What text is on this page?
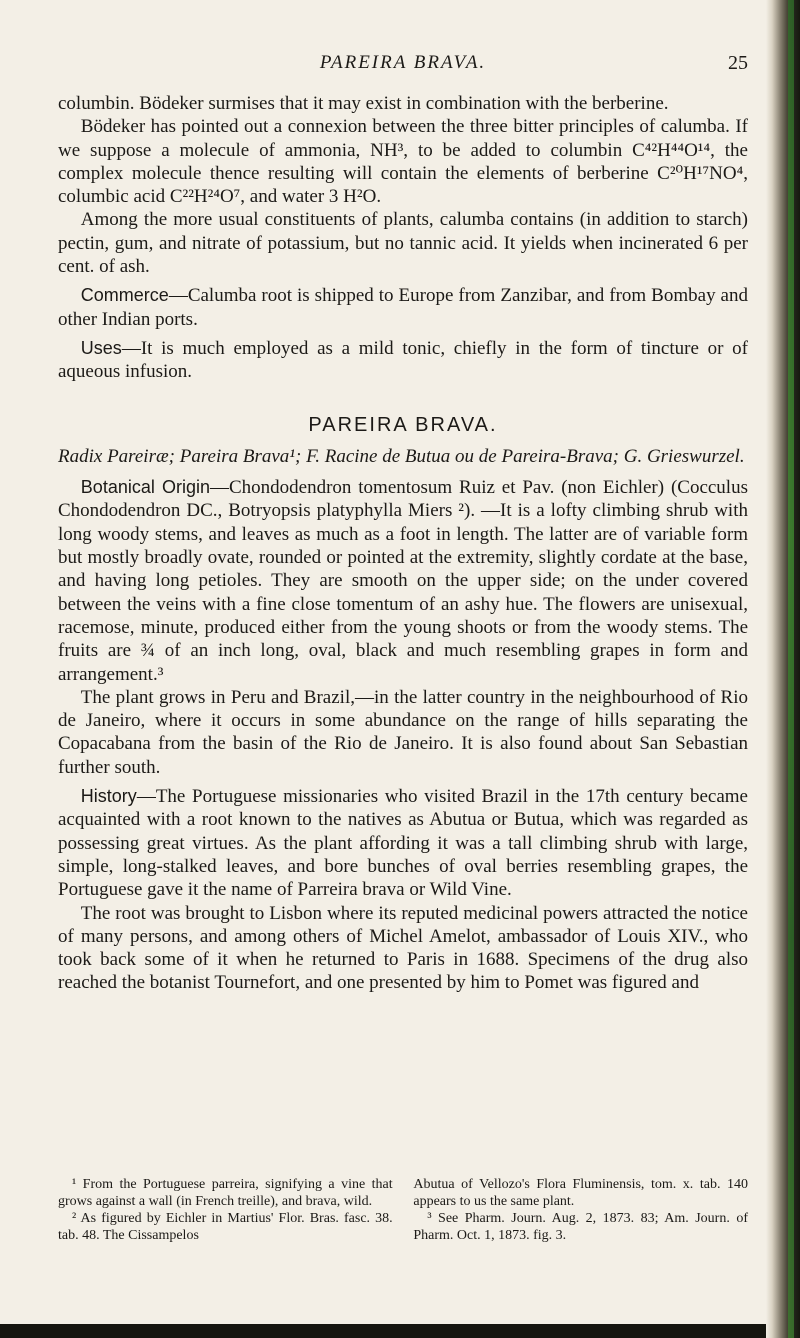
PAREIRA BRAVA.	25

columbin. Bödeker surmises that it may exist in combination with the berberine.

Bödeker has pointed out a connexion between the three bitter principles of calumba. If we suppose a molecule of ammonia, NH³, to be added to columbin C⁴²H⁴⁴O¹⁴, the complex molecule thence resulting will contain the elements of berberine C²⁰H¹⁷NO⁴, columbic acid C²²H²⁴O⁷, and water 3 H²O.

Among the more usual constituents of plants, calumba contains (in addition to starch) pectin, gum, and nitrate of potassium, but no tannic acid. It yields when incinerated 6 per cent. of ash.

Commerce—Calumba root is shipped to Europe from Zanzibar, and from Bombay and other Indian ports.

Uses—It is much employed as a mild tonic, chiefly in the form of tincture or of aqueous infusion.

PAREIRA BRAVA.

Radix Pareiræ; Pareira Brava¹; F. Racine de Butua ou de Pareira-Brava; G. Grieswurzel.

Botanical Origin—Chondodendron tomentosum Ruiz et Pav. (non Eichler) (Cocculus Chondodendron DC., Botryopsis platyphylla Miers ²). —It is a lofty climbing shrub with long woody stems, and leaves as much as a foot in length. The latter are of variable form but mostly broadly ovate, rounded or pointed at the extremity, slightly cordate at the base, and having long petioles. They are smooth on the upper side; on the under covered between the veins with a fine close tomentum of an ashy hue. The flowers are unisexual, racemose, minute, produced either from the young shoots or from the woody stems. The fruits are ¾ of an inch long, oval, black and much resembling grapes in form and arrangement.³

The plant grows in Peru and Brazil,—in the latter country in the neighbourhood of Rio de Janeiro, where it occurs in some abundance on the range of hills separating the Copacabana from the basin of the Rio de Janeiro. It is also found about San Sebastian further south.

History—The Portuguese missionaries who visited Brazil in the 17th century became acquainted with a root known to the natives as Abutua or Butua, which was regarded as possessing great virtues. As the plant affording it was a tall climbing shrub with large, simple, long-stalked leaves, and bore bunches of oval berries resembling grapes, the Portuguese gave it the name of Parreira brava or Wild Vine.

The root was brought to Lisbon where its reputed medicinal powers attracted the notice of many persons, and among others of Michel Amelot, ambassador of Louis XIV., who took back some of it when he returned to Paris in 1688. Specimens of the drug also reached the botanist Tournefort, and one presented by him to Pomet was figured and

¹ From the Portuguese parreira, signifying a vine that grows against a wall (in French treille), and brava, wild.

² As figured by Eichler in Martius' Flor. Bras. fasc. 38. tab. 48. The Cissampelos

Abutua of Vellozo's Flora Fluminensis, tom. x. tab. 140 appears to us the same plant.

³ See Pharm. Journ. Aug. 2, 1873. 83; Am. Journ. of Pharm. Oct. 1, 1873. fig. 3.
